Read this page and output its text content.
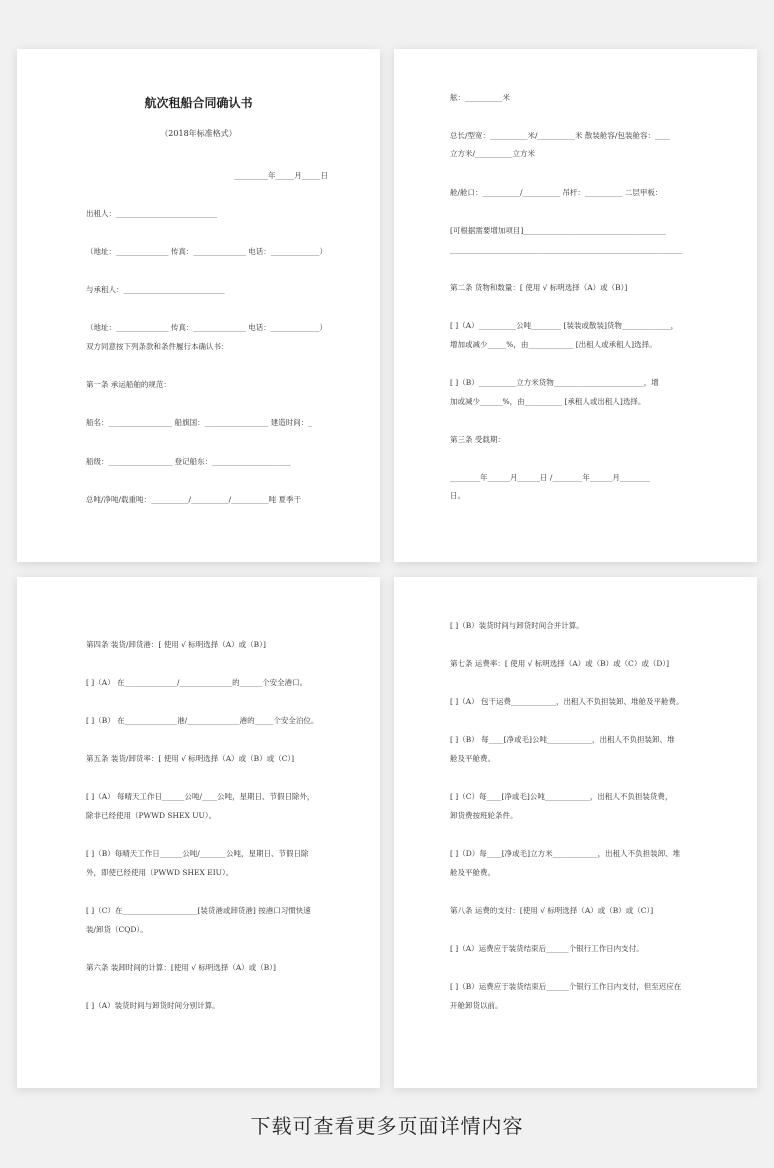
航次租船合同确认书
（2018年标准格式）
_________年_____月_____日
出租人：___________________________
（地址：______________ 传真：______________ 电话：_____________）
与承租人：___________________________
（地址：______________ 传真：______________ 电话：_____________）
双方同意按下列条款和条件履行本确认书：
第一条 承运船舶的规范：
船名：_________________ 船旗国：_________________ 建造时间：_
船级：_________________ 登记船东：_____________________
总吨/净吨/载重吨：__________/__________/__________吨 夏季干
舷：__________米
总长/型宽：__________米/__________米 散装舱容/包装舱容：____
立方米/__________立方米
舱/舱口：__________/__________ 吊杆：__________ 二层甲板：
[可根据需要增加项目]______________________________________
______________________________________________________________
第二条 货物和数量：[ 使用 √ 标明选择（A）或（B）]
[ ]（A）__________公吨________ [装装或散装]货物_____________，
增加或减少_____%，由____________ [出租人或承租人]选择。
[ ]（B）__________立方米货物________________________，增
加或减少______%，由__________ [承租人或出租人]选择。
第三条 受载期：
________年______月______日 /________年______月________
日。
第四条 装货/卸货港：[ 使用 √ 标明选择（A）或（B）]
[ ]（A） 在______________/______________的______个安全港口。
[ ]（B） 在______________港/______________港的_____个安全泊位。
第五条 装货/卸货率：[ 使用 √ 标明选择（A）或（B）或（C）]
[ ]（A） 每晴天工作日______公吨/____公吨，星期日、节假日除外，
除非已经使用（PWWD SHEX UU）。
[ ]（B）每晴天工作日______公吨/_______公吨，星期日、节假日除
外，即使已经使用（PWWD SHEX EIU）。
[ ]（C）在____________________[装货港或卸货港] 按港口习惯快速
装/卸货（CQD）。
第六条 装卸时间的计算：[使用 √ 标明选择（A）或（B）]
[ ]（A）装货时间与卸货时间分别计算。
[ ]（B）装货时间与卸货时间合并计算。
第七条 运费率：[ 使用 √ 标明选择（A）或（B）或（C）或（D）]
[ ]（A） 包干运费____________，出租人不负担装卸、堆舱及平舱费。
[ ]（B） 每____[净或毛]公吨____________，出租人不负担装卸、堆
舱及平舱费。
[ ]（C）每____[净或毛]公吨____________，出租人不负担装货费，
卸货费按班轮条件。
[ ]（D）每____[净或毛]立方米____________，出租人不负担装卸、堆
舱及平舱费。
第八条 运费的支付：[使用 √ 标明选择（A）或（B）或（C）]
[ ]（A）运费应于装货结束后______个银行工作日内支付。
[ ]（B）运费应于装货结束后______个银行工作日内支付，但至迟应在
开舱卸货以前。
下载可查看更多页面详情内容
